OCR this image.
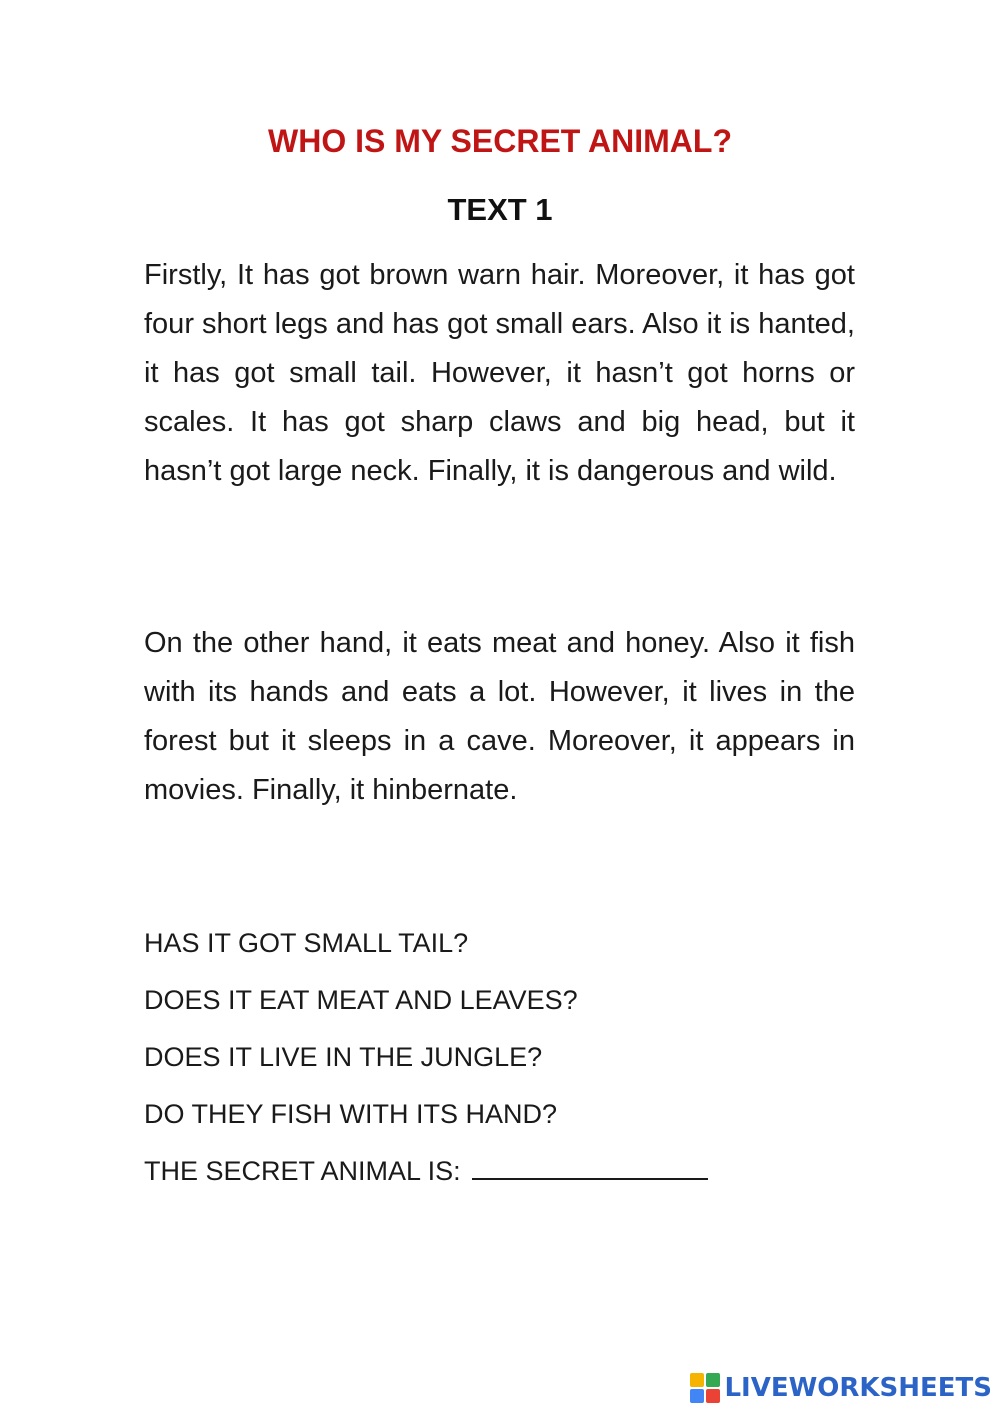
WHO IS MY SECRET ANIMAL?
TEXT 1

Firstly, It has got brown warn hair. Moreover, it has got four short legs and has got small ears. Also it is hanted, it has got small tail. However, it hasn’t got horns or scales. It has got sharp claws and big head, but it hasn’t got large neck. Finally, it is dangerous and wild.

On the other hand, it eats meat and honey. Also it fish with its hands and eats a lot. However, it lives in the forest but it sleeps in a cave. Moreover, it appears in movies. Finally, it hinbernate.

HAS IT GOT SMALL TAIL?
DOES IT EAT MEAT AND LEAVES?
DOES IT LIVE IN THE JUNGLE?
DO THEY FISH WITH ITS HAND?
THE SECRET ANIMAL IS:
LIVEWORKSHEETS
